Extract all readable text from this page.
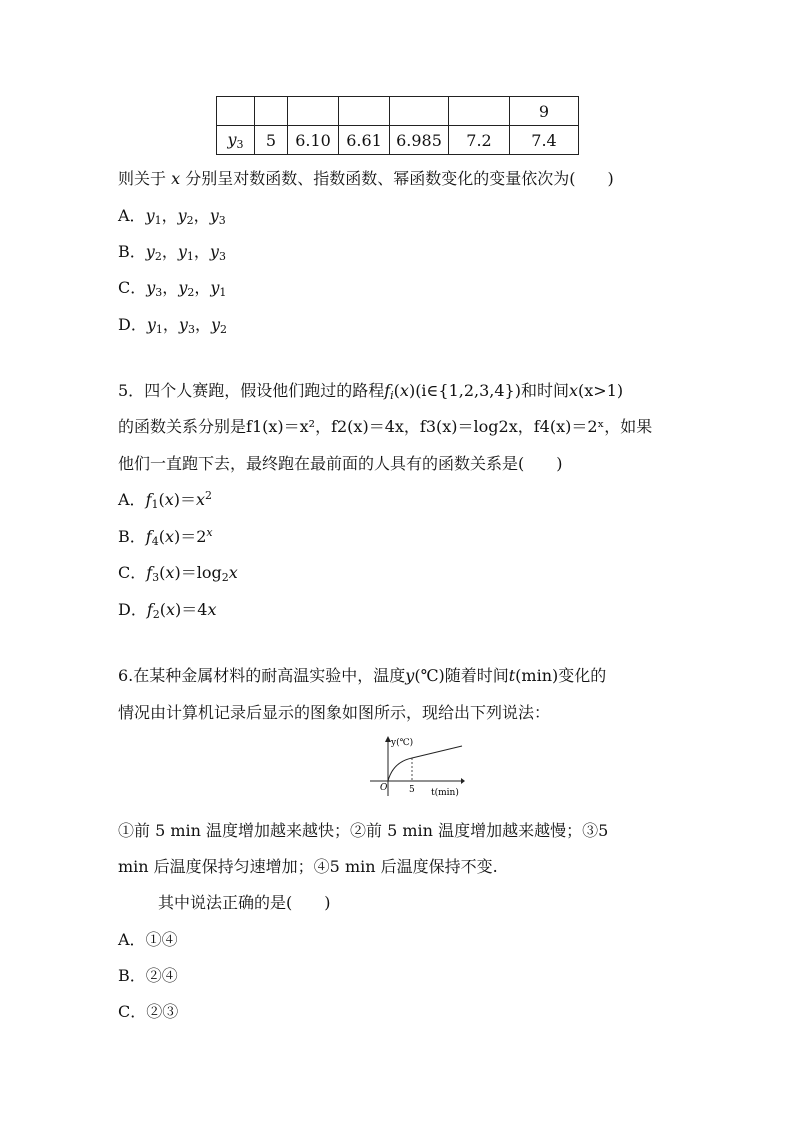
						9
$y_3$	5	6.10	6.61	6.985	7.2	7.4
则关于 x 分别呈对数函数、指数函数、幂函数变化的变量依次为(　　)
A．$y_1$，$y_2$，$y_3$
B．$y_2$，$y_1$，$y_3$
C．$y_3$，$y_2$，$y_1$
D．$y_1$，$y_3$，$y_2$
5．四个人赛跑，假设他们跑过的路程$f_i(x)(i\in\{1,2,3,4\})$和时间x(x>1)
的函数关系分别是f1(x)＝x²，f2(x)＝4x，f3(x)＝log2x，f4(x)＝2ˣ，如果
他们一直跑下去，最终跑在最前面的人具有的函数关系是(　　)
A．$f_1(x)=x^2$
B．$f_4(x)=2^x$
C．$f_3(x)=\log_2x$
D．$f_2(x)=4x$
6.在某种金属材料的耐高温实验中，温度y(℃)随着时间t(min)变化的
情况由计算机记录后显示的图象如图所示，现给出下列说法：
y(℃)
O 5 t(min)
①前 5 min 温度增加越来越快；②前 5 min 温度增加越来越慢；③5
min 后温度保持匀速增加；④5 min 后温度保持不变.
其中说法正确的是(　　)
A．①④
B．②④
C．②③
